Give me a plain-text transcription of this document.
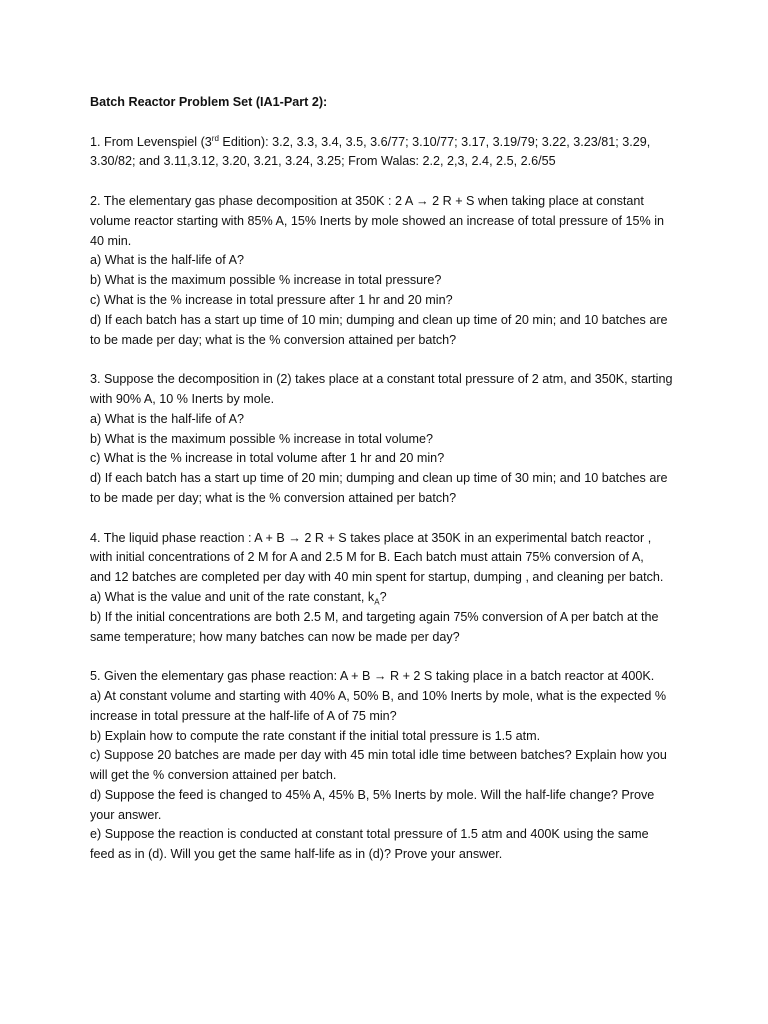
Batch Reactor Problem Set (IA1-Part 2):

1. From Levenspiel (3rd Edition): 3.2, 3.3, 3.4, 3.5, 3.6/77; 3.10/77; 3.17, 3.19/79; 3.22, 3.23/81; 3.29,
3.30/82; and 3.11,3.12, 3.20, 3.21, 3.24, 3.25; From Walas: 2.2, 2,3, 2.4, 2.5, 2.6/55
2. The elementary gas phase decomposition at 350K : 2 A → 2 R + S when taking place at constant
volume reactor starting with 85% A, 15% Inerts by mole showed an increase of total pressure of 15% in
40 min.
a) What is the half-life of A?
b) What is the maximum possible % increase in total pressure?
c) What is the % increase in total pressure after 1 hr and 20 min?
d) If each batch has a start up time of 10 min; dumping and clean up time of 20 min; and 10 batches are
to be made per day; what is the % conversion attained per batch?
3. Suppose the decomposition in (2) takes place at a constant total pressure of 2 atm, and 350K, starting
with 90% A, 10 % Inerts by mole.
a) What is the half-life of A?
b) What is the maximum possible % increase in total volume?
c) What is the % increase in total volume after 1 hr and 20 min?
d) If each batch has a start up time of 20 min; dumping and clean up time of 30 min; and 10 batches are
to be made per day; what is the % conversion attained per batch?
4. The liquid phase reaction : A + B → 2 R + S takes place at 350K in an experimental batch reactor ,
with initial concentrations of 2 M for A and 2.5 M for B. Each batch must attain 75% conversion of A,
and 12 batches are completed per day with 40 min spent for startup, dumping , and cleaning per batch.
a) What is the value and unit of the rate constant, $k_A$?
b) If the initial concentrations are both 2.5 M, and targeting again 75% conversion of A per batch at the
same temperature; how many batches can now be made per day?
5. Given the elementary gas phase reaction: A + B → R + 2 S taking place in a batch reactor at 400K.
a) At constant volume and starting with 40% A, 50% B, and 10% Inerts by mole, what is the expected %
increase in total pressure at the half-life of A of 75 min?
b) Explain how to compute the rate constant if the initial total pressure is 1.5 atm.
c) Suppose 20 batches are made per day with 45 min total idle time between batches? Explain how you
will get the % conversion attained per batch.
d) Suppose the feed is changed to 45% A, 45% B, 5% Inerts by mole. Will the half-life change? Prove
your answer.
e) Suppose the reaction is conducted at constant total pressure of 1.5 atm and 400K using the same
feed as in (d). Will you get the same half-life as in (d)? Prove your answer.
